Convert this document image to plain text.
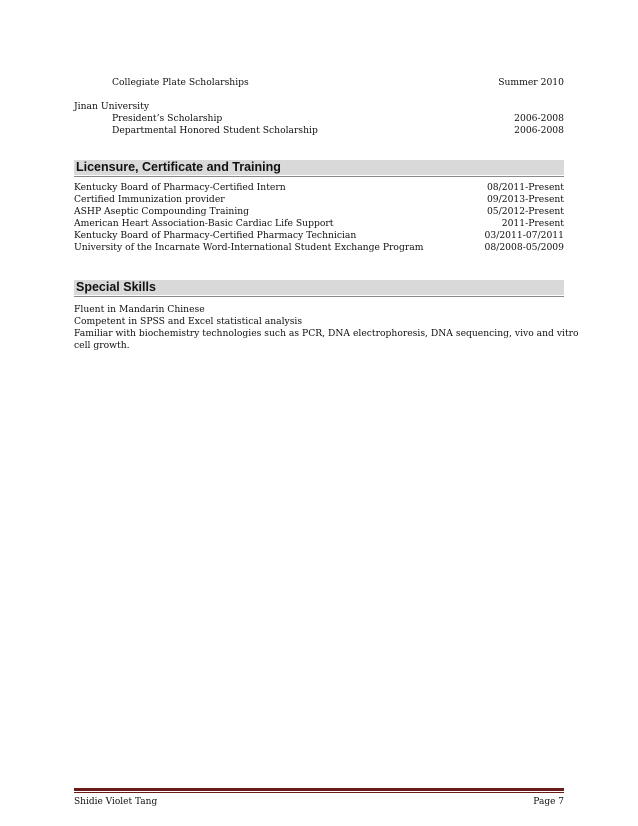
Collegiate Plate Scholarships	Summer 2010
Jinan University
President’s Scholarship	2006-2008
Departmental Honored Student Scholarship	2006-2008
Licensure, Certificate and Training
Kentucky Board of Pharmacy-Certified Intern	08/2011-Present
Certified Immunization provider	09/2013-Present
ASHP Aseptic Compounding Training	05/2012-Present
American Heart Association-Basic Cardiac Life Support	2011-Present
Kentucky Board of Pharmacy-Certified Pharmacy Technician	03/2011-07/2011
University of the Incarnate Word-International Student Exchange Program	08/2008-05/2009
Special Skills
Fluent in Mandarin Chinese
Competent in SPSS and Excel statistical analysis
Familiar with biochemistry technologies such as PCR, DNA electrophoresis, DNA sequencing, vivo and vitro
cell growth.
Shidie Violet Tang	Page 7
